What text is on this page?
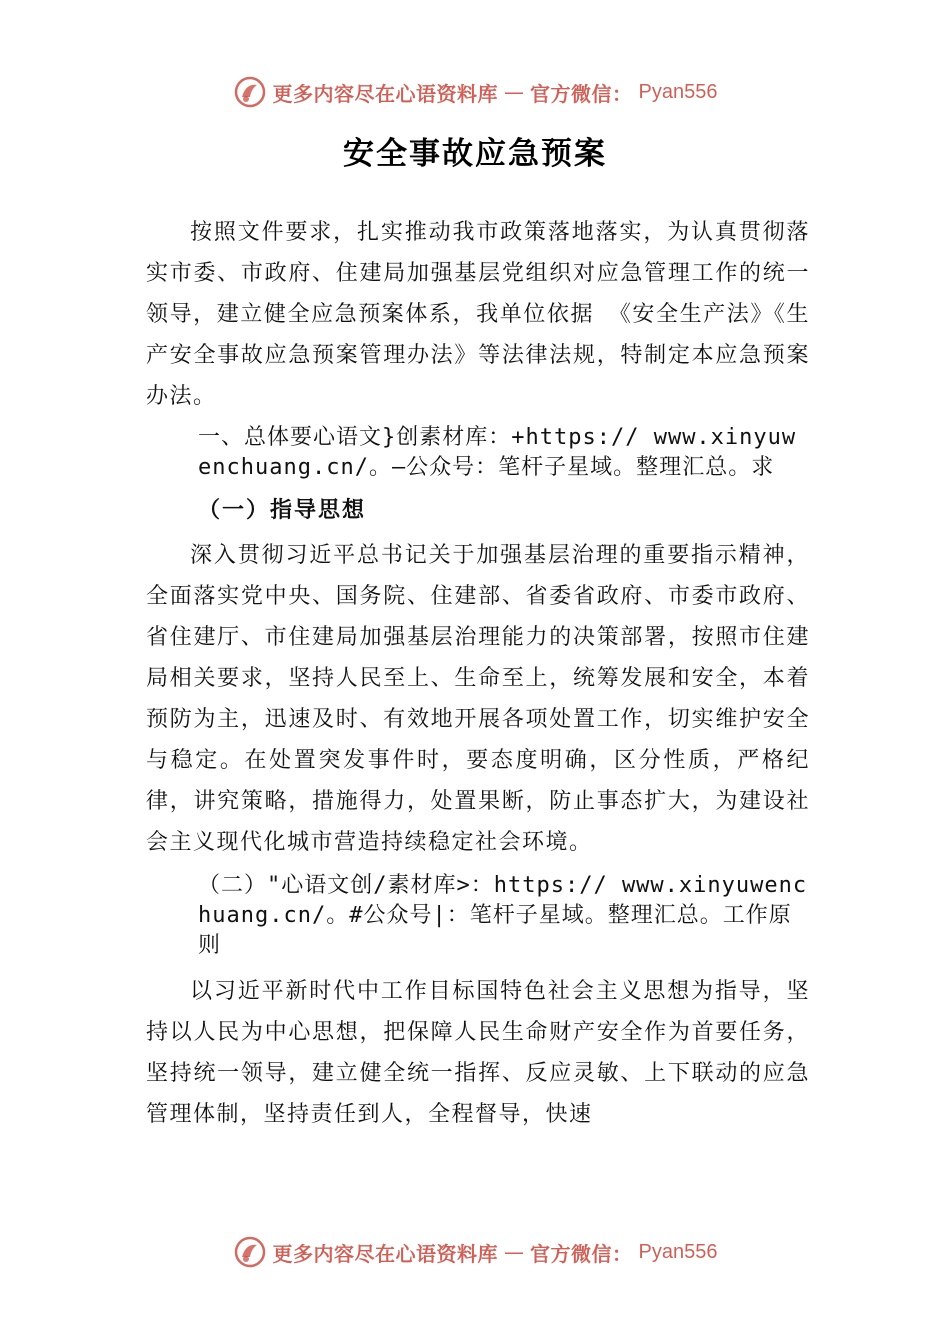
更多内容尽在心语资料库 — 官方微信： Pyan556
安全事故应急预案

按照文件要求，扎实推动我市政策落地落实，为认真贯彻落实市委、市政府、住建局加强基层党组织对应急管理工作的统一领导，建立健全应急预案体系，我单位依据 《安全生产法》《生产安全事故应急预案管理办法》等法律法规，特制定本应急预案办法。

一、总体要心语文}创素材库：+https:// www.xinyuwenchuang.cn/。—公众号：笔杆子星域。整理汇总。求

（一）指导思想

深入贯彻习近平总书记关于加强基层治理的重要指示精神，全面落实党中央、国务院、住建部、省委省政府、市委市政府、省住建厅、市住建局加强基层治理能力的决策部署，按照市住建局相关要求，坚持人民至上、生命至上，统筹发展和安全，本着预防为主，迅速及时、有效地开展各项处置工作，切实维护安全与稳定。在处置突发事件时，要态度明确，区分性质，严格纪律，讲究策略，措施得力，处置果断，防止事态扩大，为建设社会主义现代化城市营造持续稳定社会环境。

（二）"心语文创/素材库>：https:// www.xinyuwenchuang.cn/。#公众号|：笔杆子星域。整理汇总。工作原则

以习近平新时代中工作目标国特色社会主义思想为指导，坚持以人民为中心思想，把保障人民生命财产安全作为首要任务，坚持统一领导，建立健全统一指挥、反应灵敏、上下联动的应急管理体制，坚持责任到人，全程督导，快速

更多内容尽在心语资料库 — 官方微信： Pyan556
